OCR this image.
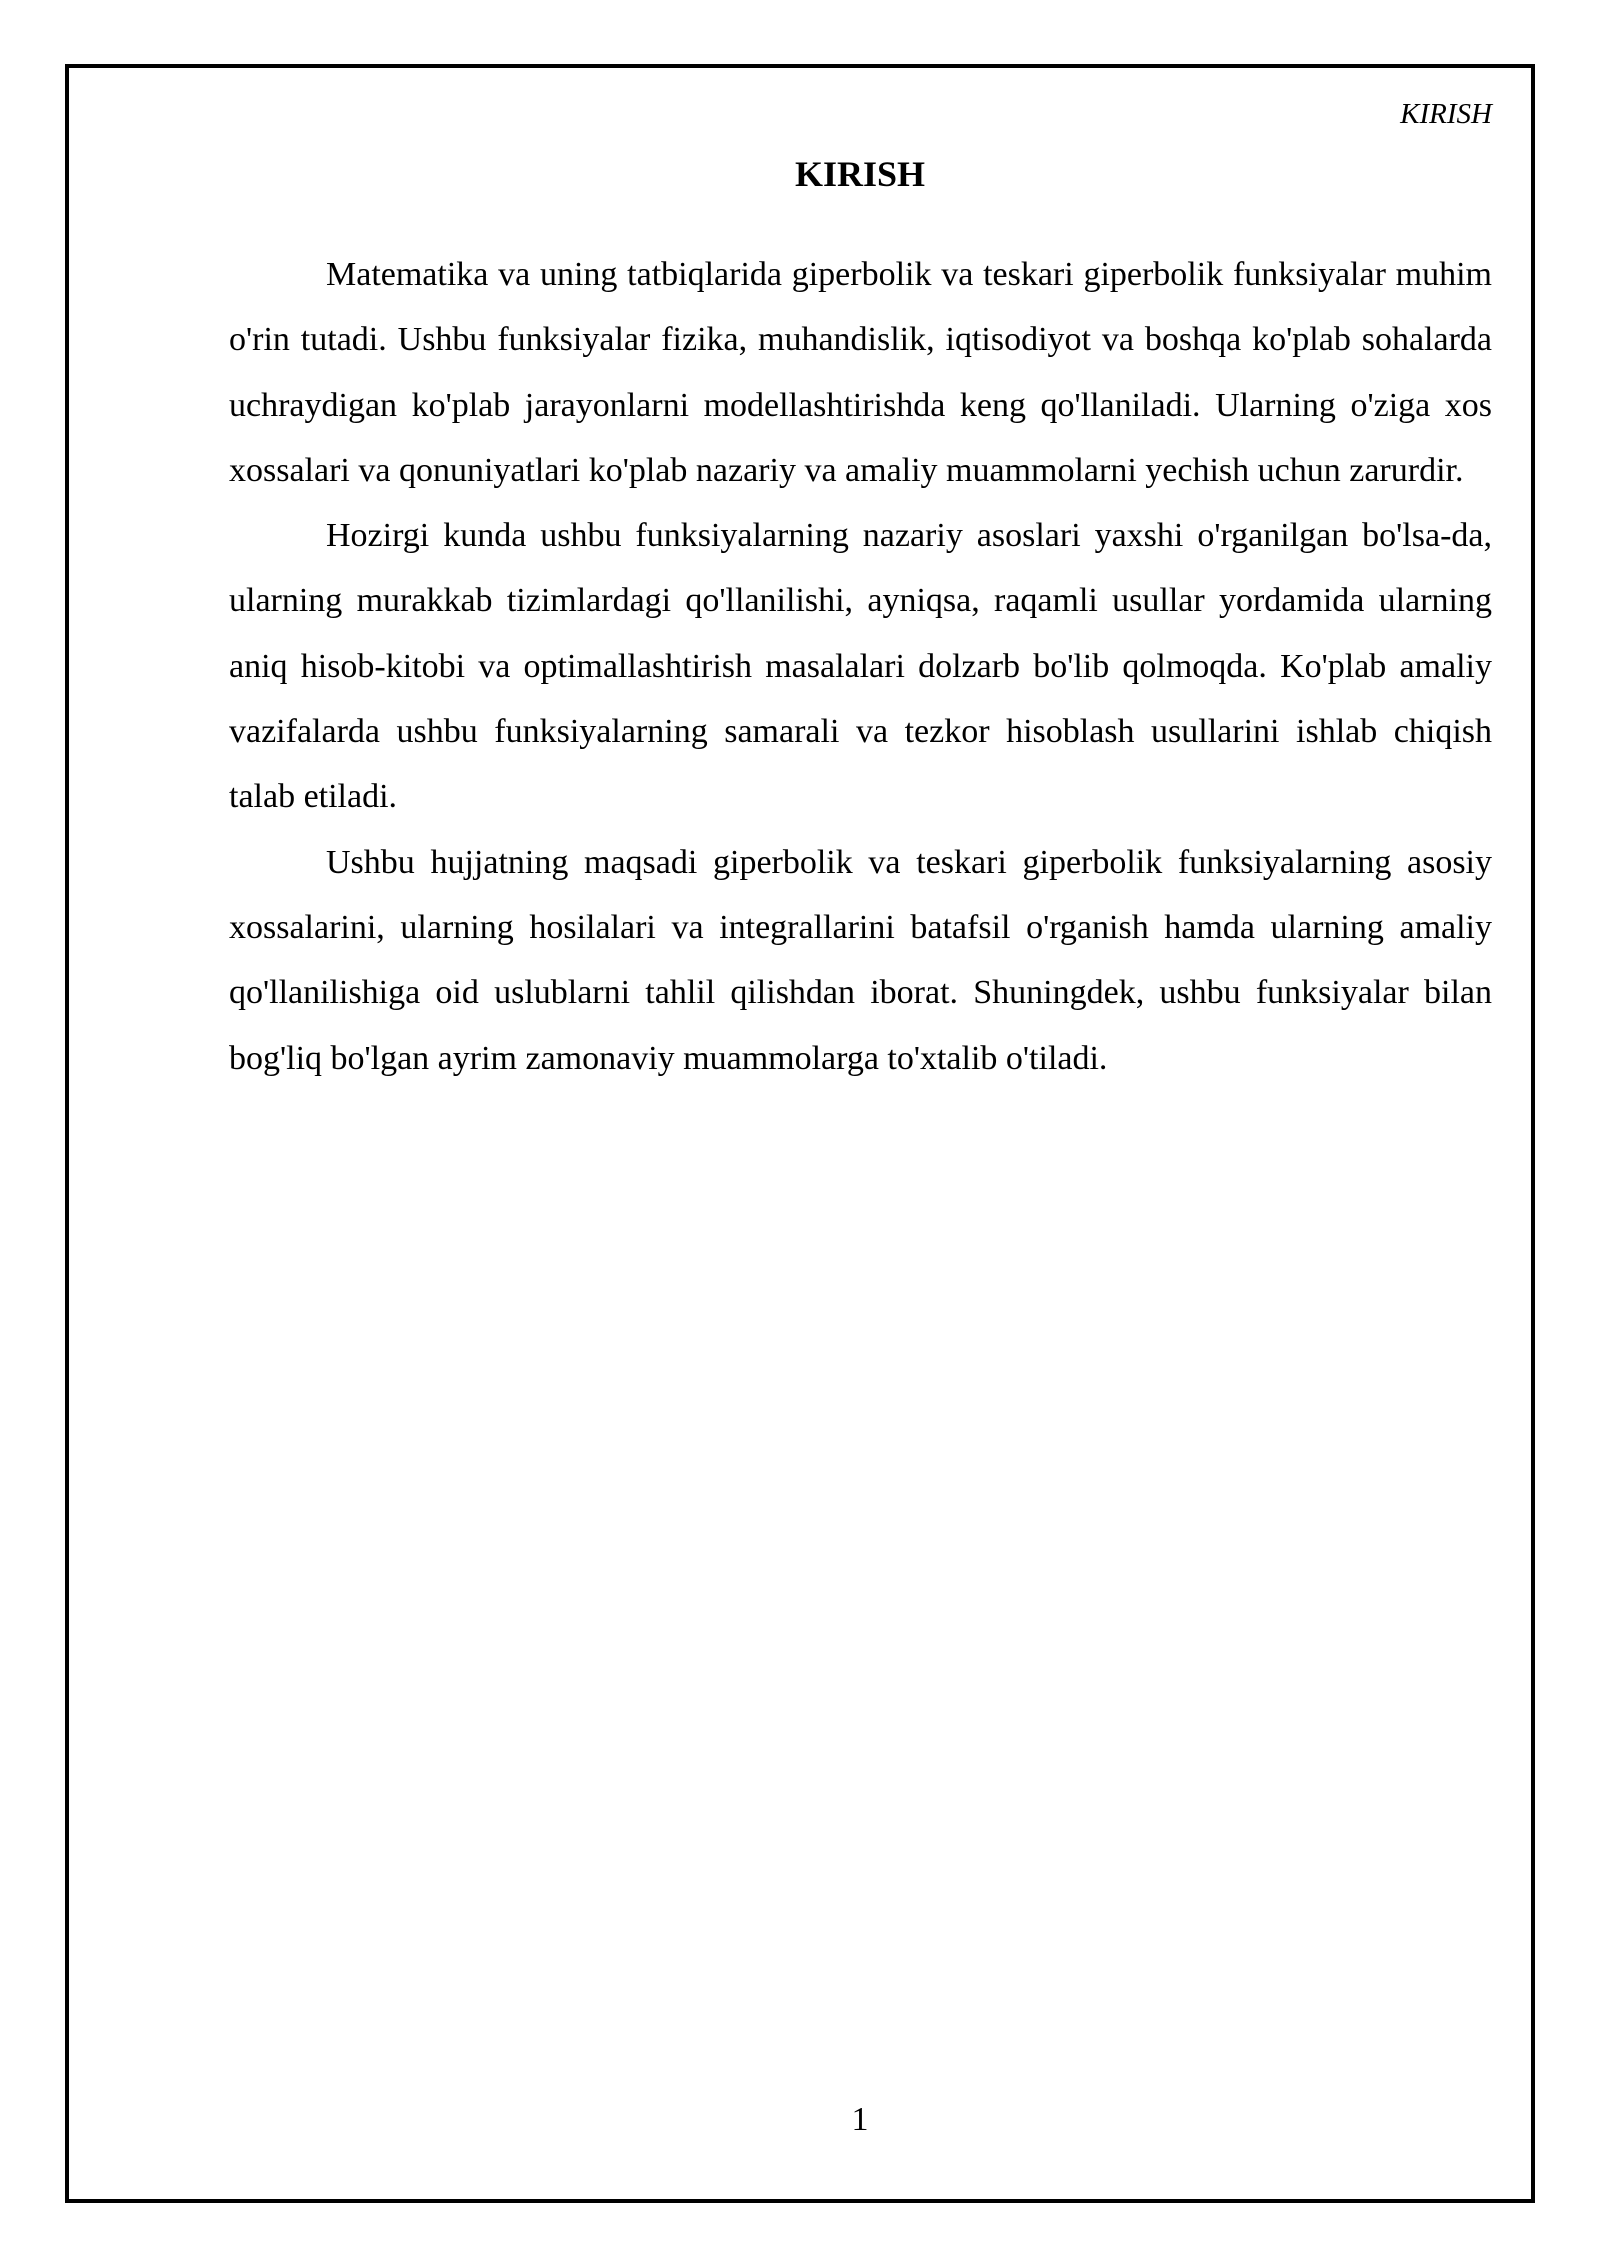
KIRISH
KIRISH

Matematika va uning tatbiqlarida giperbolik va teskari giperbolik funksiyalar muhim o'rin tutadi. Ushbu funksiyalar fizika, muhandislik, iqtisodiyot va boshqa ko'plab sohalarda uchraydigan ko'plab jarayonlarni modellashtirishda keng qo'llaniladi. Ularning o'ziga xos xossalari va qonuniyatlari ko'plab nazariy va amaliy muammolarni yechish uchun zarurdir.

Hozirgi kunda ushbu funksiyalarning nazariy asoslari yaxshi o'rganilgan bo'lsa-da, ularning murakkab tizimlardagi qo'llanilishi, ayniqsa, raqamli usullar yordamida ularning aniq hisob-kitobi va optimallashtirish masalalari dolzarb bo'lib qolmoqda. Ko'plab amaliy vazifalarda ushbu funksiyalarning samarali va tezkor hisoblash usullarini ishlab chiqish talab etiladi.

Ushbu hujjatning maqsadi giperbolik va teskari giperbolik funksiyalarning asosiy xossalarini, ularning hosilalari va integrallarini batafsil o'rganish hamda ularning amaliy qo'llanilishiga oid uslublarni tahlil qilishdan iborat. Shuningdek, ushbu funksiyalar bilan bog'liq bo'lgan ayrim zamonaviy muammolarga to'xtalib o'tiladi.

1
